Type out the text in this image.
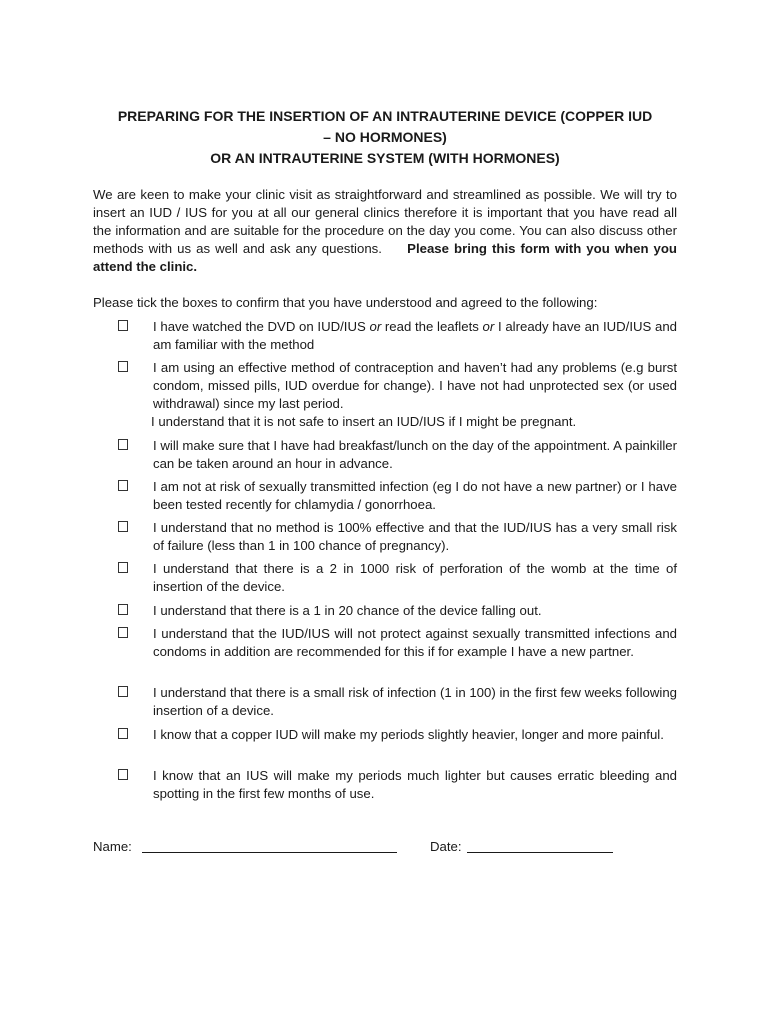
PREPARING FOR THE INSERTION OF AN INTRAUTERINE DEVICE (COPPER IUD
– NO HORMONES)
OR AN INTRAUTERINE SYSTEM (WITH HORMONES)
We are keen to make your clinic visit as straightforward and streamlined as possible. We will try to insert an IUD / IUS for you at all our general clinics therefore it is important that you have read all the information and are suitable for the procedure on the day you come. You can also discuss other methods with us as well and ask any questions. Please bring this form with you when you attend the clinic.
Please tick the boxes to confirm that you have understood and agreed to the following:
I have watched the DVD on IUD/IUS or read the leaflets or I already have an IUD/IUS and am familiar with the method
I am using an effective method of contraception and haven’t had any problems (e.g burst condom, missed pills, IUD overdue for change). I have not had unprotected sex (or used withdrawal) since my last period.
I understand that it is not safe to insert an IUD/IUS if I might be pregnant.
I will make sure that I have had breakfast/lunch on the day of the appointment. A painkiller can be taken around an hour in advance.
I am not at risk of sexually transmitted infection (eg I do not have a new partner) or I have been tested recently for chlamydia / gonorrhoea.
I understand that no method is 100% effective and that the IUD/IUS has a very small risk of failure (less than 1 in 100 chance of pregnancy).
I understand that there is a 2 in 1000 risk of perforation of the womb at the time of insertion of the device.
I understand that there is a 1 in 20 chance of the device falling out.
I understand that the IUD/IUS will not protect against sexually transmitted infections and condoms in addition are recommended for this if for example I have a new partner.
I understand that there is a small risk of infection (1 in 100) in the first few weeks following insertion of a device.
I know that a copper IUD will make my periods slightly heavier, longer and more painful.
I know that an IUS will make my periods much lighter but causes erratic bleeding and spotting in the first few months of use.
Name:	Date:
